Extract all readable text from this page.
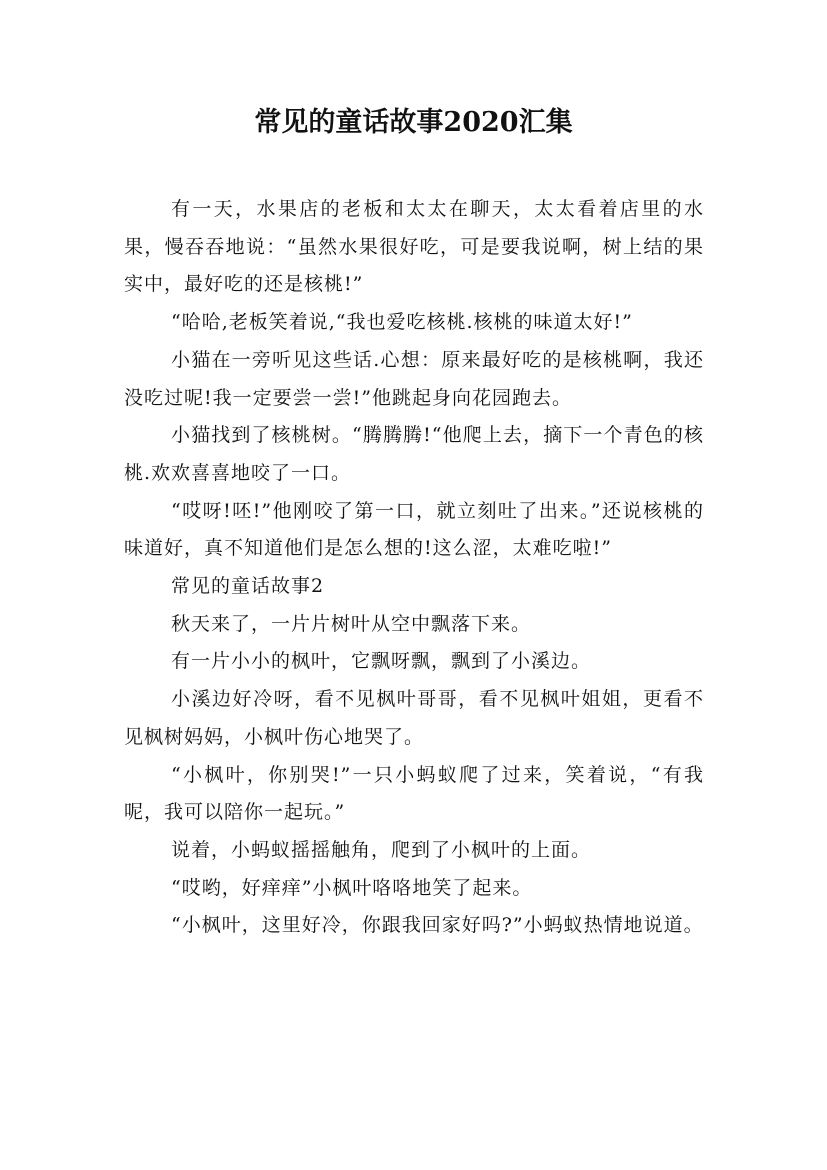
常见的童话故事2020汇集

有一天，水果店的老板和太太在聊天，太太看着店里的水果，慢吞吞地说：“虽然水果很好吃，可是要我说啊，树上结的果实中，最好吃的还是核桃!”

“哈哈,老板笑着说,“我也爱吃核桃.核桃的味道太好!”

小猫在一旁听见这些话.心想：原来最好吃的是核桃啊，我还没吃过呢!我一定要尝一尝!”他跳起身向花园跑去。

小猫找到了核桃树。“腾腾腾!“他爬上去，摘下一个青色的核桃.欢欢喜喜地咬了一口。

“哎呀!呸!”他刚咬了第一口，就立刻吐了出来。”还说核桃的味道好，真不知道他们是怎么想的!这么涩，太难吃啦!”

常见的童话故事2

秋天来了，一片片树叶从空中飘落下来。

有一片小小的枫叶，它飘呀飘，飘到了小溪边。

小溪边好冷呀，看不见枫叶哥哥，看不见枫叶姐姐，更看不见枫树妈妈，小枫叶伤心地哭了。

“小枫叶，你别哭!”一只小蚂蚁爬了过来，笑着说，“有我呢，我可以陪你一起玩。”

说着，小蚂蚁摇摇触角，爬到了小枫叶的上面。

“哎哟，好痒痒”小枫叶咯咯地笑了起来。

“小枫叶，这里好冷，你跟我回家好吗?”小蚂蚁热情地说道。
